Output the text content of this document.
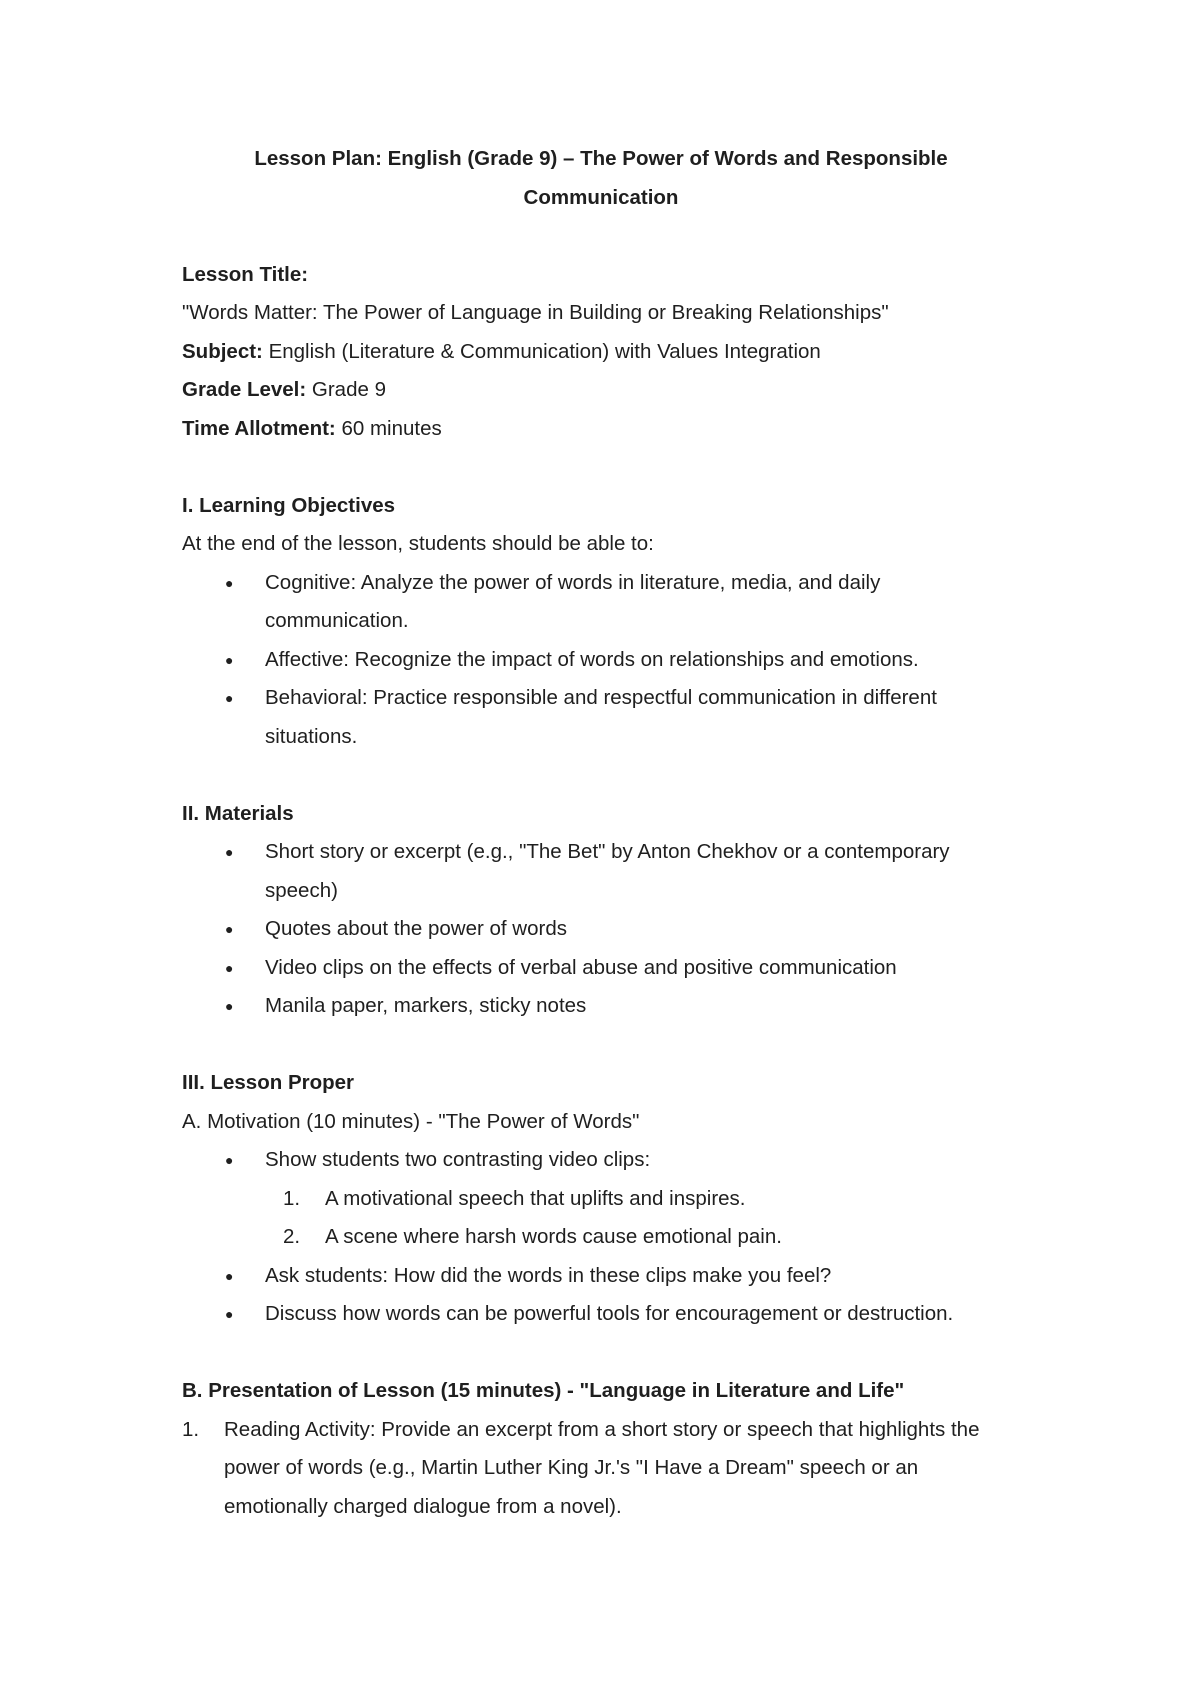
Lesson Plan: English (Grade 9) – The Power of Words and Responsible Communication

Lesson Title:

"Words Matter: The Power of Language in Building or Breaking Relationships"

Subject: English (Literature & Communication) with Values Integration

Grade Level: Grade 9

Time Allotment: 60 minutes

I. Learning Objectives

At the end of the lesson, students should be able to:

● Cognitive: Analyze the power of words in literature, media, and daily communication.
● Affective: Recognize the impact of words on relationships and emotions.
● Behavioral: Practice responsible and respectful communication in different situations.

II. Materials

● Short story or excerpt (e.g., "The Bet" by Anton Chekhov or a contemporary speech)
● Quotes about the power of words
● Video clips on the effects of verbal abuse and positive communication
● Manila paper, markers, sticky notes

III. Lesson Proper

A. Motivation (10 minutes) - "The Power of Words"

● Show students two contrasting video clips:
1. A motivational speech that uplifts and inspires.
2. A scene where harsh words cause emotional pain.
● Ask students: How did the words in these clips make you feel?
● Discuss how words can be powerful tools for encouragement or destruction.

B. Presentation of Lesson (15 minutes) - "Language in Literature and Life"

1. Reading Activity: Provide an excerpt from a short story or speech that highlights the power of words (e.g., Martin Luther King Jr.'s "I Have a Dream" speech or an emotionally charged dialogue from a novel).
